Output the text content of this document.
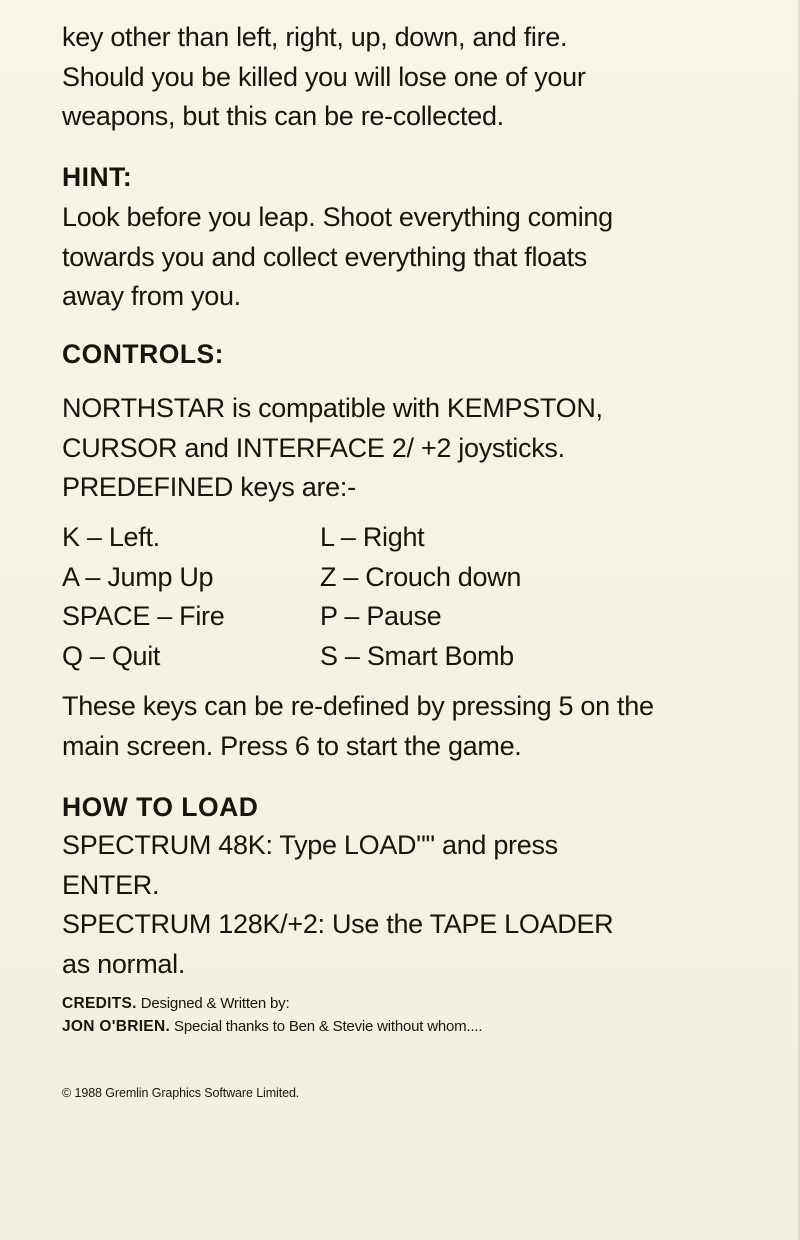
key other than left, right, up, down, and fire.
Should you be killed you will lose one of your
weapons, but this can be re-collected.
HINT:
Look before you leap. Shoot everything coming
towards you and collect everything that floats
away from you.
CONTROLS:
NORTHSTAR is compatible with KEMPSTON,
CURSOR and INTERFACE 2/ +2 joysticks.
PREDEFINED keys are:-
K – Left.	L – Right
A – Jump Up	Z – Crouch down
SPACE – Fire	P – Pause
Q – Quit	S – Smart Bomb
These keys can be re-defined by pressing 5 on the
main screen. Press 6 to start the game.
HOW TO LOAD
SPECTRUM 48K: Type LOAD"" and press
ENTER.
SPECTRUM 128K/+2: Use the TAPE LOADER
as normal.
CREDITS. Designed & Written by:
JON O'BRIEN. Special thanks to Ben & Stevie without whom....
© 1988 Gremlin Graphics Software Limited.
